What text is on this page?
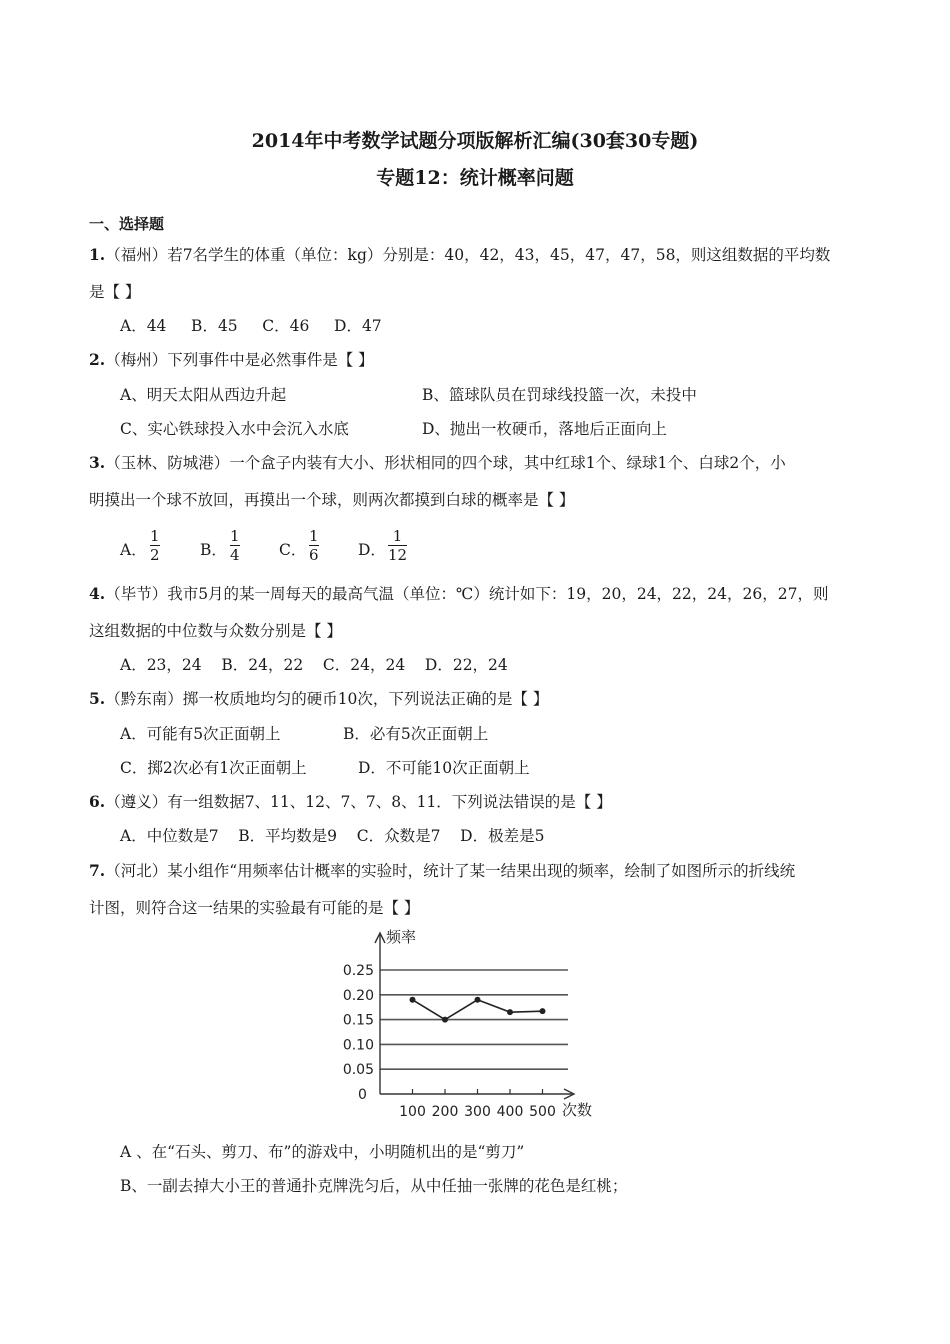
2014年中考数学试题分项版解析汇编(30套30专题)
专题12：统计概率问题
一、选择题
1.（福州）若7名学生的体重（单位：kg）分别是：40，42，43，45，47，47，58，则这组数据的平均数
是【 】
A．44     B．45     C．46     D．47
2.（梅州）下列事件中是必然事件是【 】
A、明天太阳从西边升起	B、篮球队员在罚球线投篮一次，未投中
C、实心铁球投入水中会沉入水底	D、抛出一枚硬币，落地后正面向上
3.（玉林、防城港）一个盒子内装有大小、形状相同的四个球，其中红球1个、绿球1个、白球2个，小
明摸出一个球不放回，再摸出一个球，则两次都摸到白球的概率是【 】
A．
1
2	B．
1
4	C．
1
6	D．
1
12
4.（毕节）我市5月的某一周每天的最高气温（单位：℃）统计如下：19，20，24，22，24，26，27，则
这组数据的中位数与众数分别是【 】
A．23，24    B．24，22    C．24，24    D．22，24
5.（黔东南）掷一枚质地均匀的硬币10次，下列说法正确的是【 】
A．可能有5次正面朝上	B．必有5次正面朝上
C．掷2次必有1次正面朝上	D．不可能10次正面朝上
6.（遵义）有一组数据7、11、12、7、7、8、11．下列说法错误的是【 】
A．中位数是7    B．平均数是9    C．众数是7    D．极差是5
7.（河北）某小组作“用频率估计概率的实验时，统计了某一结果出现的频率，绘制了如图所示的折线统
计图，则符合这一结果的实验最有可能的是【 】
0.05
0.10
0.15
0.20
0.25
频率
次数
0
100 200 300 400 500
A 、在“石头、剪刀、布”的游戏中，小明随机出的是“剪刀”
B、一副去掉大小王的普通扑克牌洗匀后，从中任抽一张牌的花色是红桃；
